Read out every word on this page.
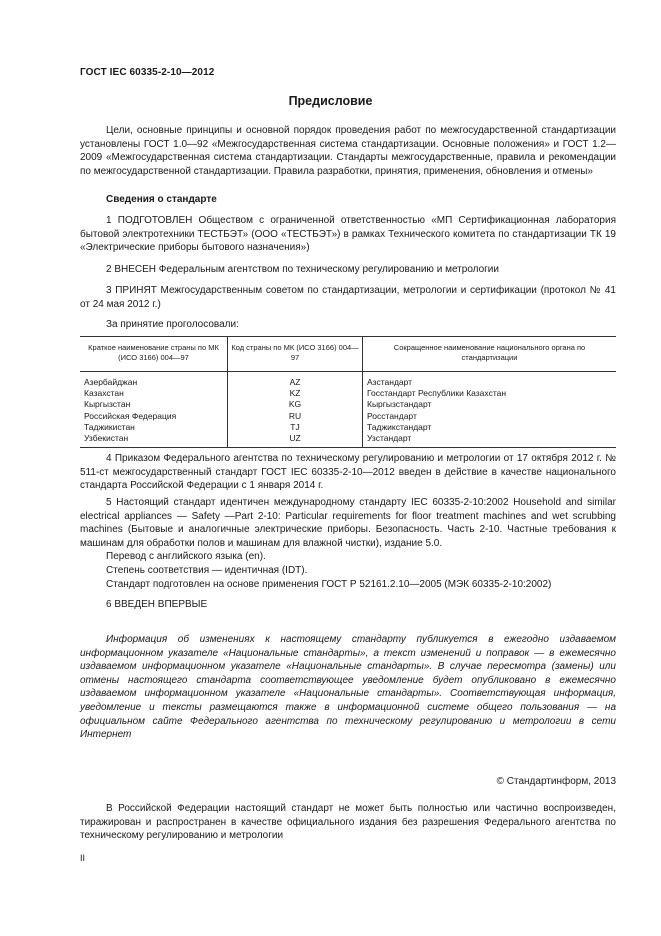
ГОСТ IEC 60335-2-10—2012
Предисловие

Цели, основные принципы и основной порядок проведения работ по межгосударственной стандартизации установлены ГОСТ 1.0—92 «Межгосударственная система стандартизации. Основные положения» и ГОСТ 1.2—2009 «Межгосударственная система стандартизации. Стандарты межгосударственные, правила и рекомендации по межгосударственной стандартизации. Правила разработки, принятия, применения, обновления и отмены»

Сведения о стандарте

1 ПОДГОТОВЛЕН Обществом с ограниченной ответственностью «МП Сертификационная лаборатория бытовой электротехники ТЕСТБЭТ» (ООО «ТЕСТБЭТ») в рамках Технического комитета по стандартизации ТК 19 «Электрические приборы бытового назначения»)

2 ВНЕСЕН Федеральным агентством по техническому регулированию и метрологии

3 ПРИНЯТ Межгосударственным советом по стандартизации, метрологии и сертификации (протокол № 41 от 24 мая 2012 г.)

За принятие проголосовали:

Краткое наименование страны по МК (ИСО 3166) 004—97	Код страны по МК (ИСО 3166) 004—97	Сокращенное наименование национального органа по стандартизации
Азербайджан	AZ	Азстандарт
Казахстан	KZ	Госстандарт Республики Казахстан
Кыргызстан	KG	Кыргызстандарт
Российская Федерация	RU	Росстандарт
Таджикистан	TJ	Таджикстандарт
Узбекистан	UZ	Узстандарт

4 Приказом Федерального агентства по техническому регулированию и метрологии от 17 октября 2012 г. № 511-ст межгосударственный стандарт ГОСТ IEC 60335-2-10—2012 введен в действие в качестве национального стандарта Российской Федерации с 1 января 2014 г.

5 Настоящий стандарт идентичен международному стандарту IEC 60335-2-10:2002 Household and similar electrical appliances — Safety —Part 2-10: Particular requirements for floor treatment machines and wet scrubbing machines (Бытовые и аналогичные электрические приборы. Безопасность. Часть 2-10. Частные требования к машинам для обработки полов и машинам для влажной чистки), издание 5.0.

Перевод с английского языка (en).

Степень соответствия — идентичная (IDT).

Стандарт подготовлен на основе применения ГОСТ Р 52161.2.10—2005 (МЭК 60335-2-10:2002)

6 ВВЕДЕН ВПЕРВЫЕ

Информация об изменениях к настоящему стандарту публикуется в ежегодно издаваемом информационном указателе «Национальные стандарты», а текст изменений и поправок — в ежемесячно издаваемом информационном указателе «Национальные стандарты». В случае пересмотра (замены) или отмены настоящего стандарта соответствующее уведомление будет опубликовано в ежемесячно издаваемом информационном указателе «Национальные стандарты». Соответствующая информация, уведомление и тексты размещаются также в информационной системе общего пользования — на официальном сайте Федерального агентства по техническому регулированию и метрологии в сети Интернет

© Стандартинформ, 2013

В Российской Федерации настоящий стандарт не может быть полностью или частично воспроизведен, тиражирован и распространен в качестве официального издания без разрешения Федерального агентства по техническому регулированию и метрологии

II
